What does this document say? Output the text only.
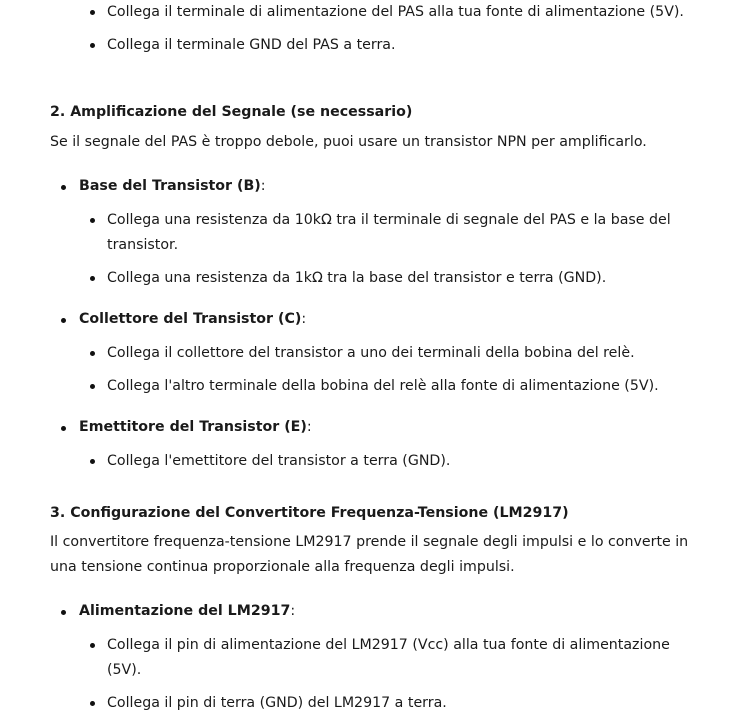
Collega il terminale di alimentazione del PAS alla tua fonte di alimentazione (5V).
Collega il terminale GND del PAS a terra.
2. Amplificazione del Segnale (se necessario)

Se il segnale del PAS è troppo debole, puoi usare un transistor NPN per amplificarlo.

Base del Transistor (B):
Collega una resistenza da 10kΩ tra il terminale di segnale del PAS e la base del transistor.
Collega una resistenza da 1kΩ tra la base del transistor e terra (GND).
Collettore del Transistor (C):
Collega il collettore del transistor a uno dei terminali della bobina del relè.
Collega l'altro terminale della bobina del relè alla fonte di alimentazione (5V).
Emettitore del Transistor (E):
Collega l'emettitore del transistor a terra (GND).
3. Configurazione del Convertitore Frequenza-Tensione (LM2917)

Il convertitore frequenza-tensione LM2917 prende il segnale degli impulsi e lo converte in una tensione continua proporzionale alla frequenza degli impulsi.

Alimentazione del LM2917:
Collega il pin di alimentazione del LM2917 (Vcc) alla tua fonte di alimentazione (5V).
Collega il pin di terra (GND) del LM2917 a terra.
